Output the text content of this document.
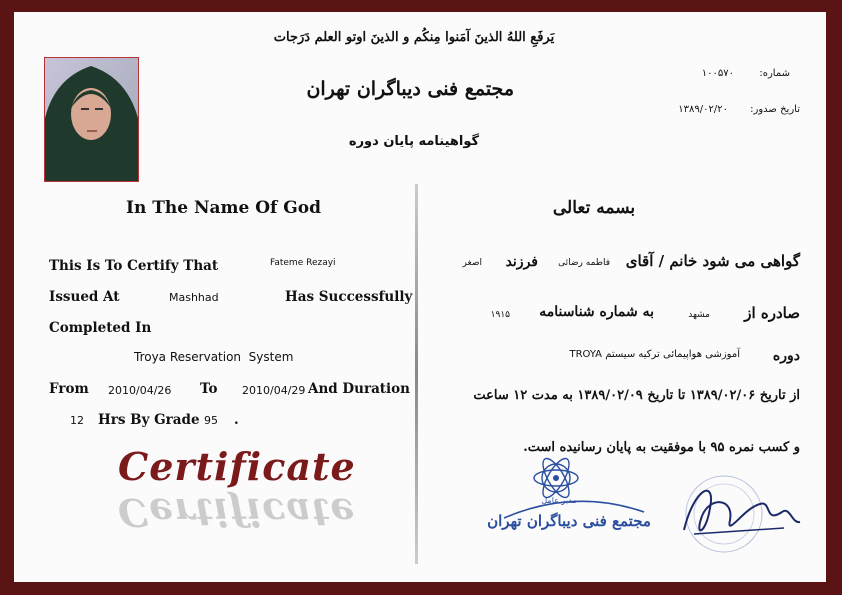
يَرفَعِ اللهُ الذينَ آمَنوا مِنكُم و الذينَ اوتو العلم دَرَجات
مجتمع فنی دیباگران تهران
گواهینامه پایان دوره
شماره:
۱۰۰۵۷۰
تاریخ صدور:
۱۳۸۹/۰۲/۲۰
In The Name Of God
This Is To Certify That	Fateme Rezayi
Issued At	Mashhad	Has Successfully
Completed In
Troya Reservation  System
From 2010/04/26 To 2010/04/29 And Duration
12 Hrs By Grade 95 .
Certificate
Certificate
بسمه تعالی
گواهی می شود خانم / آقای
فاطمه رضائی
فرزند
اصغر
صادره از
مشهد
به شماره شناسنامه
۱۹۱۵
دوره
آموزشی هواپیمائی ترکیه سیستم TROYA
از تاریخ ۱۳۸۹/۰۲/۰۶ تا تاریخ ۱۳۸۹/۰۲/۰۹ به مدت ۱۲ ساعت
و کسب نمره ۹۵ با موفقیت به پایان رسانیده است.
مدیر عامل
مجتمع فنی دیباگران تهران
